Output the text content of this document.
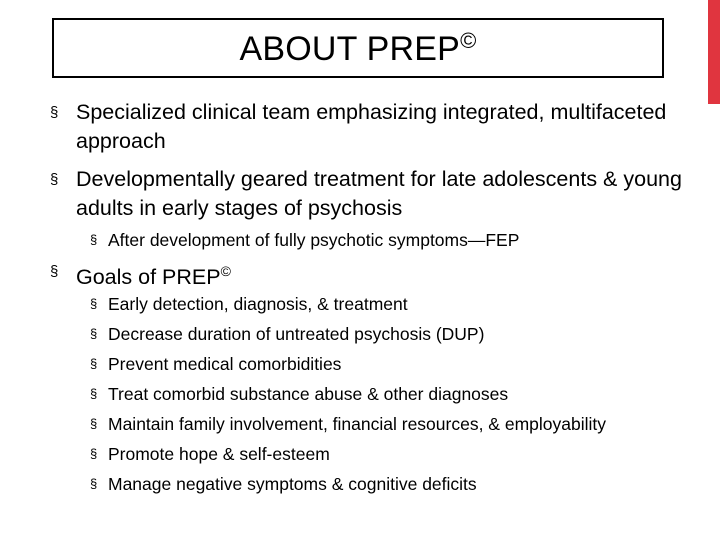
ABOUT PREP©
§ Specialized clinical team emphasizing integrated, multifaceted approach
§ Developmentally geared treatment for late adolescents & young adults in early stages of psychosis
§ After development of fully psychotic symptoms—FEP
§ Goals of PREP©
§ Early detection, diagnosis, & treatment
§ Decrease duration of untreated psychosis (DUP)
§ Prevent medical comorbidities
§ Treat comorbid substance abuse & other diagnoses
§ Maintain family involvement, financial resources, & employability
§ Promote hope & self-esteem
§ Manage negative symptoms & cognitive deficits
